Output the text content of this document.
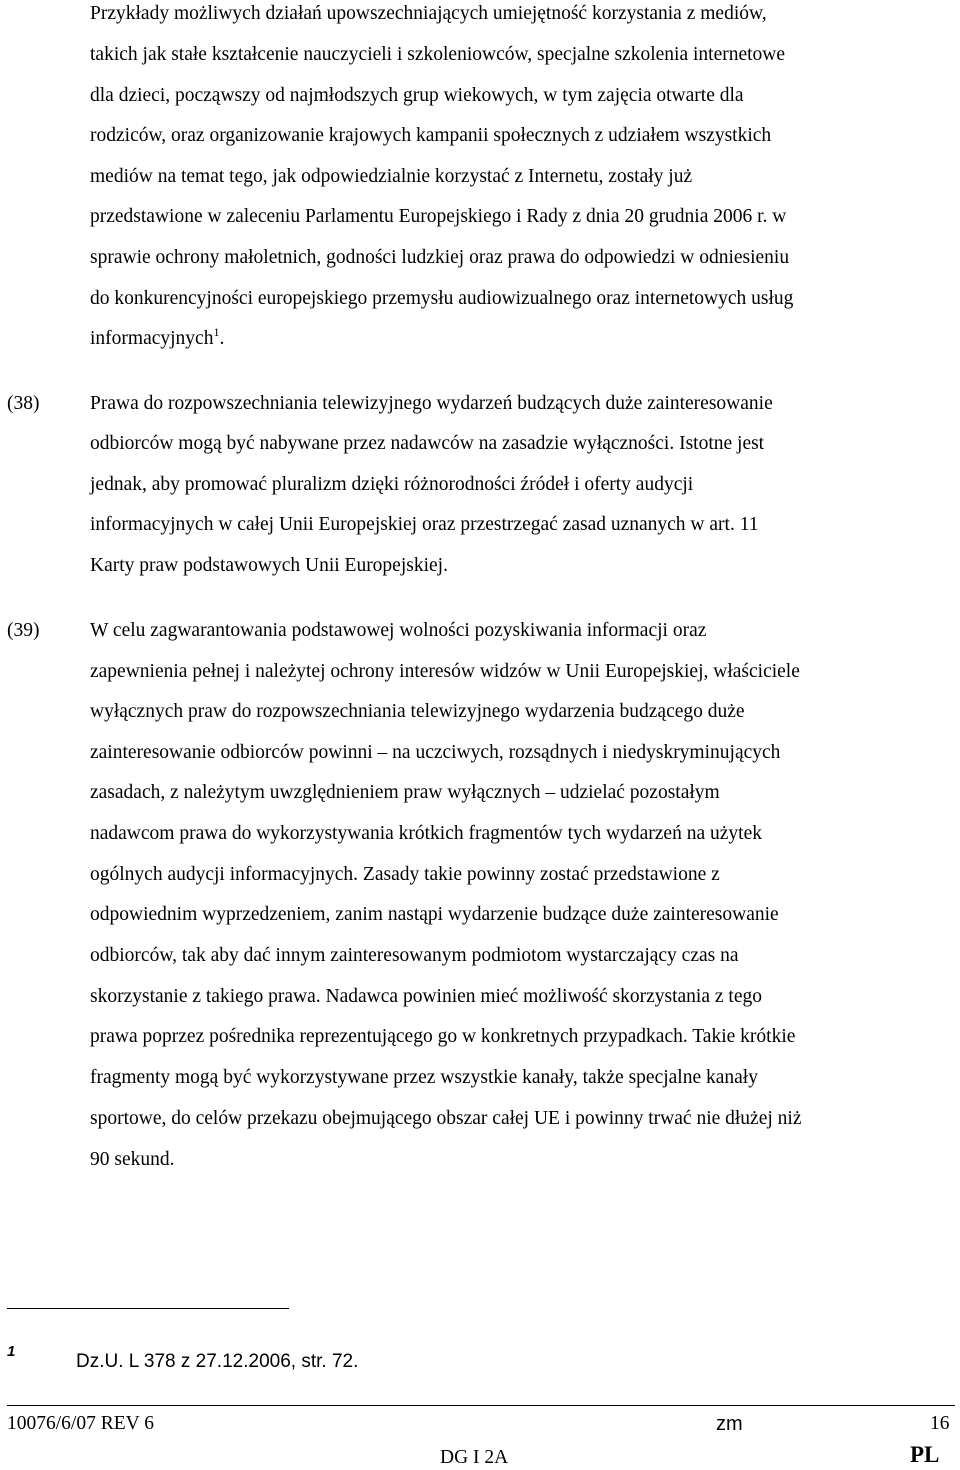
Przykłady możliwych działań upowszechniających umiejętność korzystania z mediów,
takich jak stałe kształcenie nauczycieli i szkoleniowców, specjalne szkolenia internetowe
dla dzieci, począwszy od najmłodszych grup wiekowych, w tym zajęcia otwarte dla
rodziców, oraz organizowanie krajowych kampanii społecznych z udziałem wszystkich
mediów na temat tego, jak odpowiedzialnie korzystać z Internetu, zostały już
przedstawione w zaleceniu Parlamentu Europejskiego i Rady z dnia 20 grudnia 2006 r. w
sprawie ochrony małoletnich, godności ludzkiej oraz prawa do odpowiedzi w odniesieniu
do konkurencyjności europejskiego przemysłu audiowizualnego oraz internetowych usług
informacyjnych$^1$.
(38)	Prawa do rozpowszechniania telewizyjnego wydarzeń budzących duże zainteresowanie
odbiorców mogą być nabywane przez nadawców na zasadzie wyłączności. Istotne jest
jednak, aby promować pluralizm dzięki różnorodności źródeł i oferty audycji
informacyjnych w całej Unii Europejskiej oraz przestrzegać zasad uznanych w art. 11
Karty praw podstawowych Unii Europejskiej.
(39)	W celu zagwarantowania podstawowej wolności pozyskiwania informacji oraz
zapewnienia pełnej i należytej ochrony interesów widzów w Unii Europejskiej, właściciele
wyłącznych praw do rozpowszechniania telewizyjnego wydarzenia budzącego duże
zainteresowanie odbiorców powinni – na uczciwych, rozsądnych i niedyskryminujących
zasadach, z należytym uwzględnieniem praw wyłącznych – udzielać pozostałym
nadawcom prawa do wykorzystywania krótkich fragmentów tych wydarzeń na użytek
ogólnych audycji informacyjnych. Zasady takie powinny zostać przedstawione z
odpowiednim wyprzedzeniem, zanim nastąpi wydarzenie budzące duże zainteresowanie
odbiorców, tak aby dać innym zainteresowanym podmiotom wystarczający czas na
skorzystanie z takiego prawa. Nadawca powinien mieć możliwość skorzystania z tego
prawa poprzez pośrednika reprezentującego go w konkretnych przypadkach. Takie krótkie
fragmenty mogą być wykorzystywane przez wszystkie kanały, także specjalne kanały
sportowe, do celów przekazu obejmującego obszar całej UE i powinny trwać nie dłużej niż
90 sekund.
1	Dz.U. L 378 z 27.12.2006, str. 72.
10076/6/07 REV 6	zm	16
DG I 2A	PL
